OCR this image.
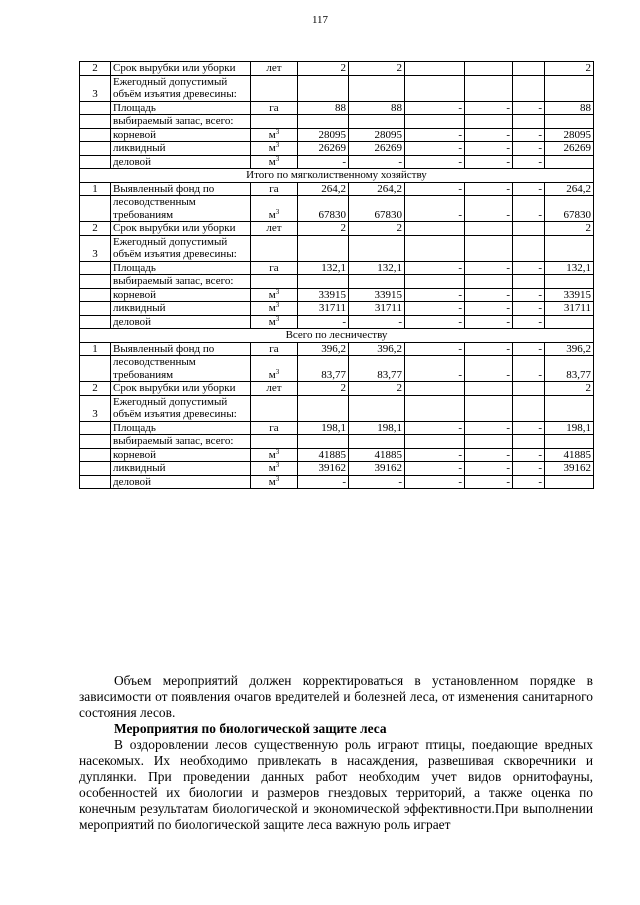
117
2	Срок вырубки или уборки	лет	2	2				2
3	Ежегодный допустимый объём изъятия древесины:							
	Площадь	га	88	88	-	-	-	88
	выбираемый запас, всего:							
	корневой	$м^3$	28095	28095	-	-	-	28095
	ликвидный	$м^3$	26269	26269	-	-	-	26269
	деловой	$м^3$	-	-	-	-	-	
Итого по мягколиственному хозяйству								
1	Выявленный фонд по	га	264,2	264,2	-	-	-	264,2
	лесоводственным требованиям	$м^3$	67830	67830	-	-	-	67830
2	Срок вырубки или уборки	лет	2	2				2
3	Ежегодный допустимый объём изъятия древесины:							
	Площадь	га	132,1	132,1	-	-	-	132,1
	выбираемый запас, всего:							
	корневой	$м^3$	33915	33915	-	-	-	33915
	ликвидный	$м^3$	31711	31711	-	-	-	31711
	деловой	$м^3$	-	-	-	-	-	
Всего по лесничеству								
1	Выявленный фонд по	га	396,2	396,2	-	-	-	396,2
	лесоводственным требованиям	$м^3$	83,77	83,77	-	-	-	83,77
2	Срок вырубки или уборки	лет	2	2				2
3	Ежегодный допустимый объём изъятия древесины:							
	Площадь	га	198,1	198,1	-	-	-	198,1
	выбираемый запас, всего:							
	корневой	$м^3$	41885	41885	-	-	-	41885
	ликвидный	$м^3$	39162	39162	-	-	-	39162
	деловой	$м^3$	-	-	-	-	-	

Объем мероприятий должен корректироваться в установленном порядке в зависимости от появления очагов вредителей и болезней леса, от изменения санитарного состояния лесов.

Мероприятия по биологической защите леса

В оздоровлении лесов существенную роль играют птицы, поедающие вредных насекомых. Их необходимо привлекать в насаждения, развешивая скворечники и дуплянки. При проведении данных работ необходим учет видов орнитофауны, особенностей их биологии и размеров гнездовых территорий, а также оценка по конечным результатам биологической и экономической эффективности.При выполнении мероприятий по биологической защите леса важную роль играет
